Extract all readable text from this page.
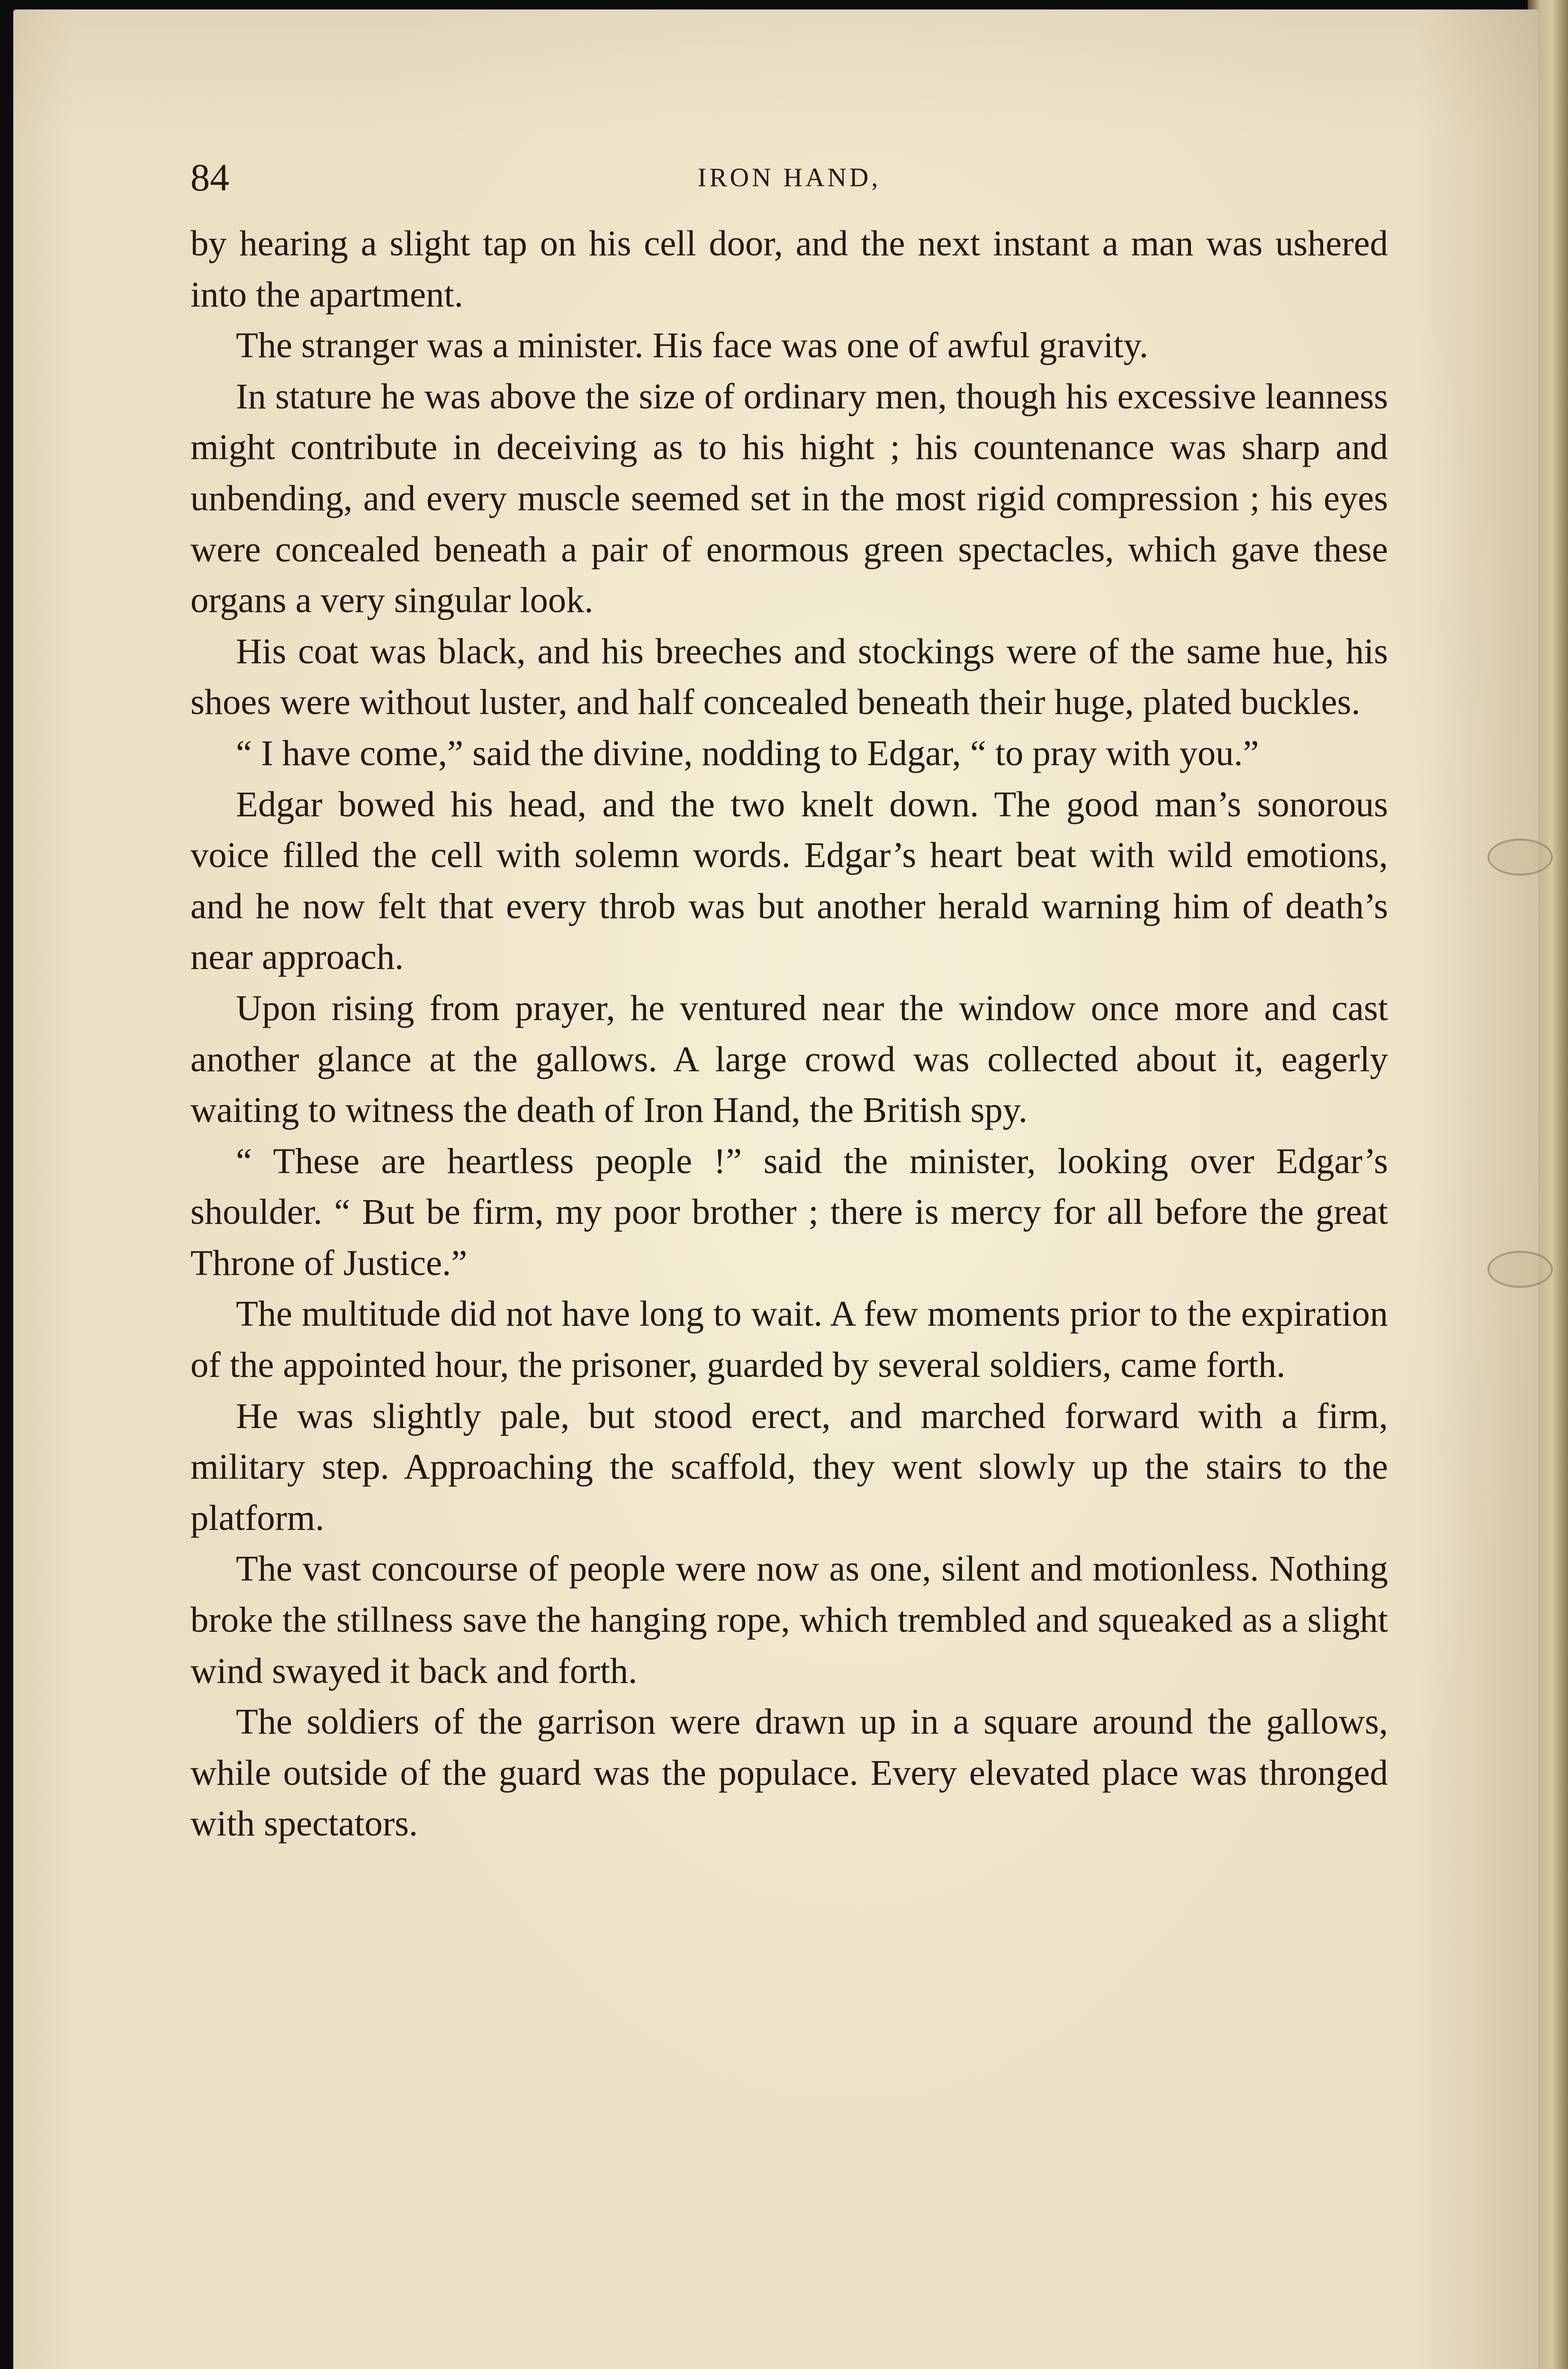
84	IRON HAND,

by hearing a slight tap on his cell door, and the next instant a man was ushered into the apartment.

The stranger was a minister. His face was one of awful gravity.

In stature he was above the size of ordinary men, though his excessive leanness might contribute in deceiving as to his hight ; his countenance was sharp and unbending, and every muscle seemed set in the most rigid compression ; his eyes were concealed beneath a pair of enormous green spectacles, which gave these organs a very singular look.

His coat was black, and his breeches and stockings were of the same hue, his shoes were without luster, and half concealed beneath their huge, plated buckles.

“ I have come,” said the divine, nodding to Edgar, “ to pray with you.”

Edgar bowed his head, and the two knelt down. The good man’s sonorous voice filled the cell with solemn words. Edgar’s heart beat with wild emotions, and he now felt that every throb was but another herald warning him of death’s near approach.

Upon rising from prayer, he ventured near the window once more and cast another glance at the gallows. A large crowd was collected about it, eagerly waiting to witness the death of Iron Hand, the British spy.

“ These are heartless people !” said the minister, looking over Edgar’s shoulder. “ But be firm, my poor brother ; there is mercy for all before the great Throne of Justice.”

The multitude did not have long to wait. A few moments prior to the expiration of the appointed hour, the prisoner, guarded by several soldiers, came forth.

He was slightly pale, but stood erect, and marched forward with a firm, military step. Approaching the scaffold, they went slowly up the stairs to the platform.

The vast concourse of people were now as one, silent and motionless. Nothing broke the stillness save the hanging rope, which trembled and squeaked as a slight wind swayed it back and forth.

The soldiers of the garrison were drawn up in a square around the gallows, while outside of the guard was the populace. Every elevated place was thronged with spectators.
